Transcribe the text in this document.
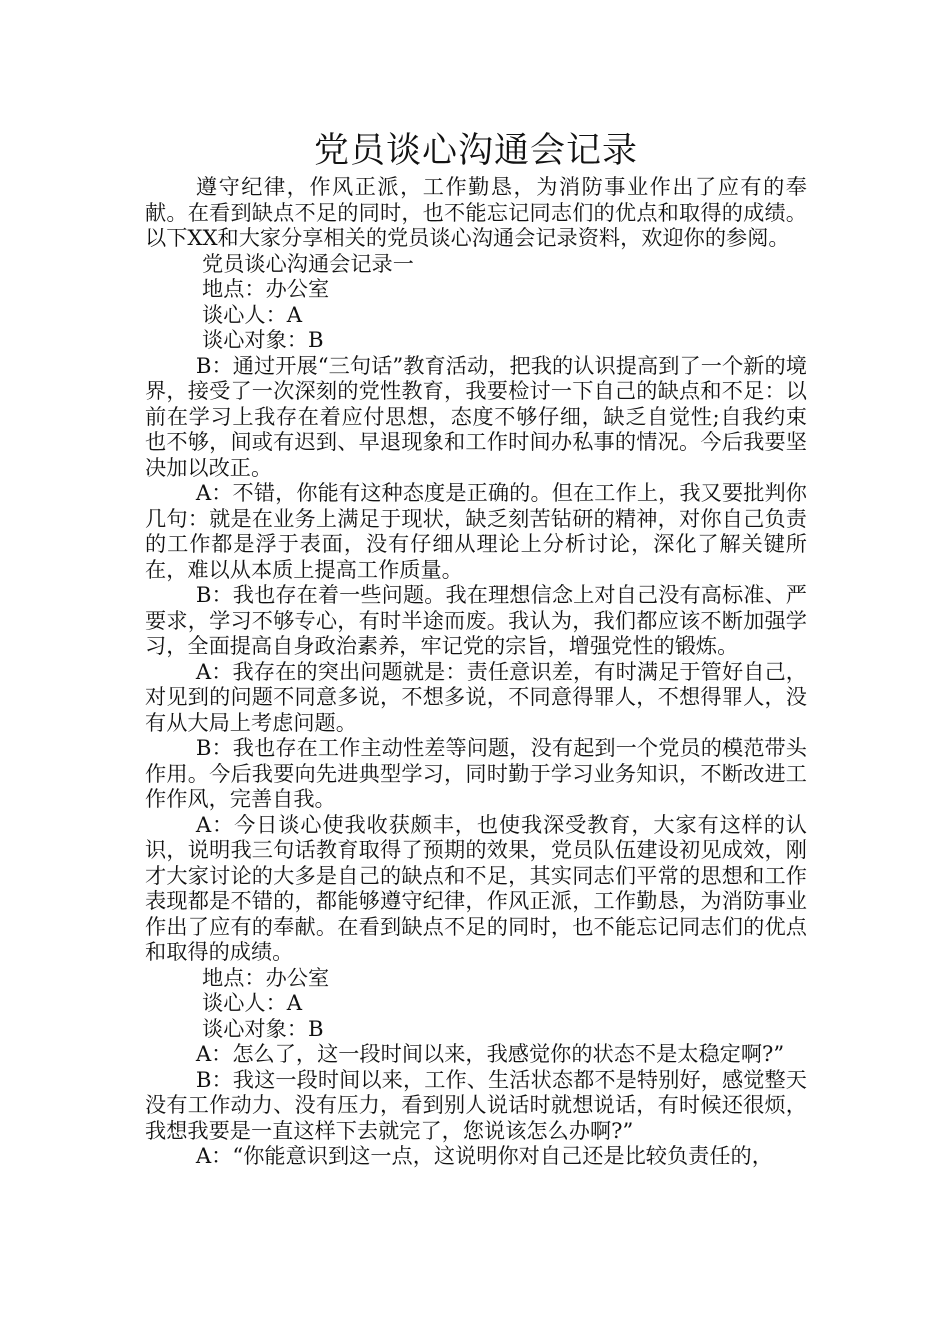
党员谈心沟通会记录

遵守纪律，作风正派，工作勤恳，为消防事业作出了应有的奉献。在看到缺点不足的同时，也不能忘记同志们的优点和取得的成绩。以下XX和大家分享相关的党员谈心沟通会记录资料，欢迎你的参阅。

党员谈心沟通会记录一

地点：办公室

谈心人：A

谈心对象：B

B：通过开展“三句话”教育活动，把我的认识提高到了一个新的境界，接受了一次深刻的党性教育，我要检讨一下自己的缺点和不足：以前在学习上我存在着应付思想，态度不够仔细，缺乏自觉性;自我约束也不够，间或有迟到、早退现象和工作时间办私事的情况。今后我要坚决加以改正。

A：不错，你能有这种态度是正确的。但在工作上，我又要批判你几句：就是在业务上满足于现状，缺乏刻苦钻研的精神，对你自己负责的工作都是浮于表面，没有仔细从理论上分析讨论，深化了解关键所在，难以从本质上提高工作质量。

B：我也存在着一些问题。我在理想信念上对自己没有高标准、严要求，学习不够专心，有时半途而废。我认为，我们都应该不断加强学习，全面提高自身政治素养，牢记党的宗旨，增强党性的锻炼。

A：我存在的突出问题就是：责任意识差，有时满足于管好自己，对见到的问题不同意多说，不想多说，不同意得罪人，不想得罪人，没有从大局上考虑问题。

B：我也存在工作主动性差等问题，没有起到一个党员的模范带头作用。今后我要向先进典型学习，同时勤于学习业务知识，不断改进工作作风，完善自我。

A：今日谈心使我收获颇丰，也使我深受教育，大家有这样的认识，说明我三句话教育取得了预期的效果，党员队伍建设初见成效，刚才大家讨论的大多是自己的缺点和不足，其实同志们平常的思想和工作表现都是不错的，都能够遵守纪律，作风正派，工作勤恳，为消防事业作出了应有的奉献。在看到缺点不足的同时，也不能忘记同志们的优点和取得的成绩。

地点：办公室

谈心人：A

谈心对象：B

A：怎么了，这一段时间以来，我感觉你的状态不是太稳定啊?”

B：我这一段时间以来，工作、生活状态都不是特别好，感觉整天没有工作动力、没有压力，看到别人说话时就想说话，有时候还很烦，我想我要是一直这样下去就完了，您说该怎么办啊?”

A：“你能意识到这一点，这说明你对自己还是比较负责任的，
